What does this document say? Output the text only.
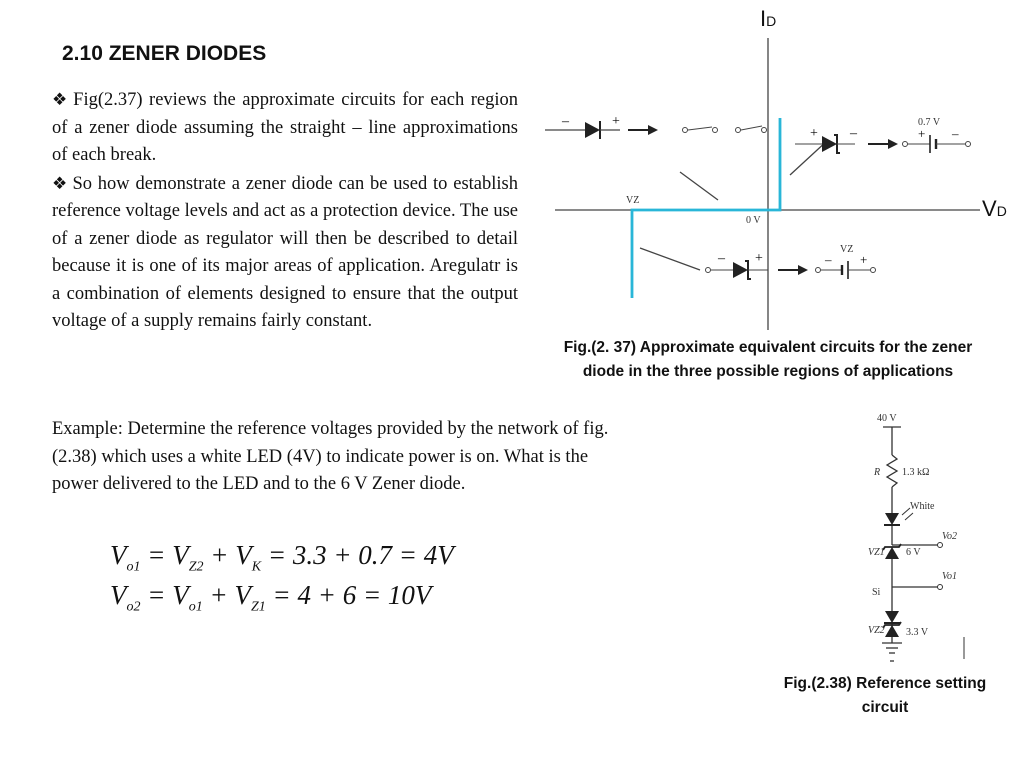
2.10 ZENER DIODES

❖ Fig(2.37) reviews the approximate circuits for each region of a zener diode assuming the straight – line approximations of each break.

❖ So how demonstrate a zener diode can be used to establish reference voltage levels and act as a protection device. The use of a zener diode as regulator will then be described to detail because it is one of its major areas of application. Aregulatr is a combination of elements designed to ensure that the output voltage of a supply remains fairly constant.

Example: Determine the reference voltages provided by the network of fig. (2.38) which uses a white LED (4V) to indicate power is on. What is the power delivered to the LED and to the 6 V Zener diode.
$V_{o1} = V_{Z2} + V_K = 3.3 + 0.7 = 4V$
$V_{o2} = V_{o1} + V_{Z1} = 4 + 6 = 10V$
ID
VD
–	+
+ –
0.7 V
+ –
VZ
0 V
– +
VZ
– +
Fig.(2. 37) Approximate equivalent circuits for the zener diode in the three possible regions of applications
40 V
R 1.3 kΩ
White
Vo2
VZ1 6 V
Vo1
Si
VZ2 3.3 V
Fig.(2.38) Reference setting circuit
